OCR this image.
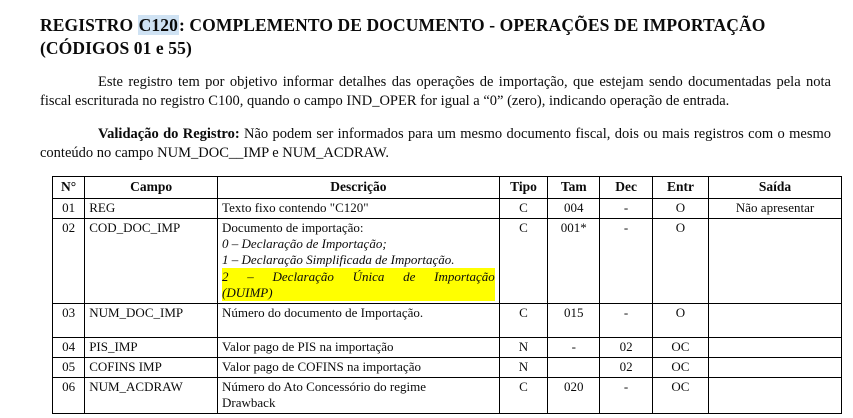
REGISTRO C120: COMPLEMENTO DE DOCUMENTO - OPERAÇÕES DE IMPORTAÇÃO
(CÓDIGOS 01 e 55)

Este registro tem por objetivo informar detalhes das operações de importação, que estejam sendo documentadas pela nota fiscal escriturada no registro C100, quando o campo IND_OPER for igual a “0” (zero), indicando operação de entrada.

Validação do Registro: Não podem ser informados para um mesmo documento fiscal, dois ou mais registros com o mesmo conteúdo no campo NUM_DOC__IMP e NUM_ACDRAW.

N°	Campo	Descrição	Tipo	Tam	Dec	Entr	Saída
01	REG	Texto fixo contendo "C120"	C	004	-	O	Não apresentar
02	COD_DOC_IMP	Documento de importação:
0 – Declaração de Importação;
1 – Declaração Simplificada de Importação.
2 – Declaração Única de Importação
(DUIMP)	C	001*	-	O	
03	NUM_DOC_IMP	Número do documento de Importação.	C	015	-	O	
04	PIS_IMP	Valor pago de PIS na importação	N	-	02	OC	
05	COFINS IMP	Valor pago de COFINS na importação	N		02	OC	
06	NUM_ACDRAW	Número do Ato Concessório do regime
Drawback	C	020	-	OC	
